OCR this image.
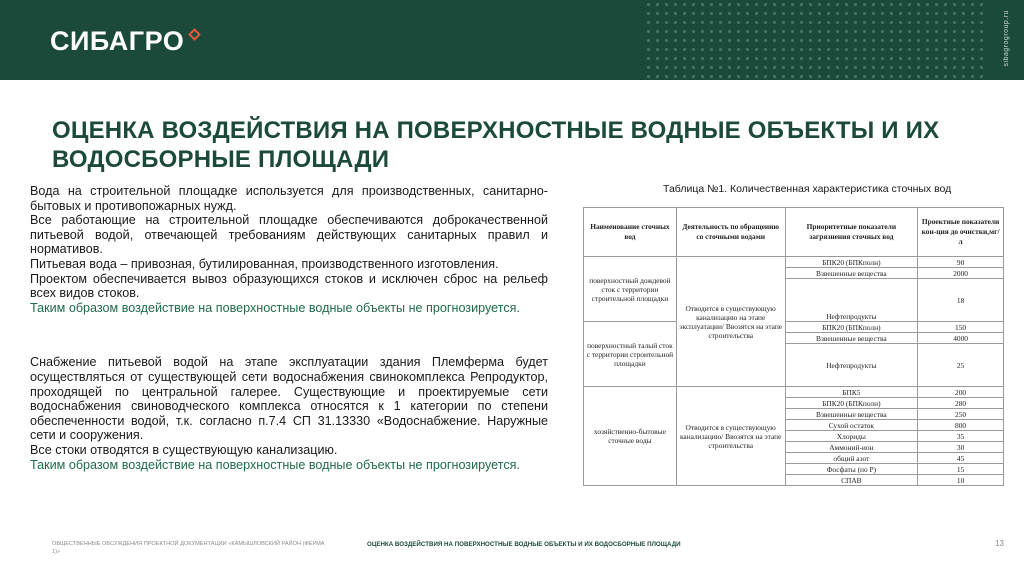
СИБАГРО	sibagrogroup.ru
ОЦЕНКА ВОЗДЕЙСТВИЯ НА ПОВЕРХНОСТНЫЕ ВОДНЫЕ ОБЪЕКТЫ И ИХ ВОДОСБОРНЫЕ ПЛОЩАДИ

Вода на строительной площадке используется для производственных, санитарно-бытовых и противопожарных нужд.

Все работающие на строительной площадке обеспечиваются доброкачественной питьевой водой, отвечающей требованиям действующих санитарных правил и нормативов.

Питьевая вода – привозная, бутилированная, производственного изготовления.

Проектом обеспечивается вывоз образующихся стоков и исключен сброс на рельеф всех видов стоков.

Таким образом воздействие на поверхностные водные объекты не прогнозируется.

Снабжение питьевой водой на этапе эксплуатации здания Племферма будет осуществляться от существующей сети водоснабжения свинокомплекса Репродуктор, проходящей по центральной галерее. Существующие и проектируемые сети водоснабжения свиноводческого комплекса относятся к 1 категории по степени обеспеченности водой, т.к. согласно п.7.4 СП 31.13330 «Водоснабжение. Наружные сети и сооружения.

Все стоки отводятся в существующую канализацию.

Таким образом воздействие на поверхностные водные объекты не прогнозируется.

Таблица №1. Количественная характеристика сточных вод
Наименование сточных вод	Деятельность по обращению со сточными водами	Приоритетные показатели загрязнения сточных вод	Проектные показатели кон-ция до очистки,мг/л
поверхностный дождевой сток с территории строительной площадки	Отводится в существующую канализацию на этапе эксплуатации/ Ввозятся на этапе строительства	БПК20 (БПКполн)	90
		Взвешенные вещества	2000
		Нефтепродукты	18
поверхностный талый сток с территории строительной площадки		БПК20 (БПКполн)	150
		Взвешенные вещества	4000
		Нефтепродукты	25
хозяйственно-бытовые сточные воды	Отводится в существующую канализацию/ Ввозятся на этапе строительства	БПК5	200
		БПК20 (БПКполн)	280
		Взвешенные вещества	250
		Сухой остаток	800
		Хлориды	35
		Аммоний-ион	30
		общий азот	45
		Фосфаты (по Р)	15
		СПАВ	10
ОБЩЕСТВЕННЫЕ ОБСУЖДЕНИЯ ПРОЕКТНОЙ ДОКУМЕНТАЦИИ «КАМЫШЛОВСКИЙ РАЙОН (ФЕРМА 1)»
ОЦЕНКА ВОЗДЕЙСТВИЯ НА ПОВЕРХНОСТНЫЕ ВОДНЫЕ ОБЪЕКТЫ И ИХ ВОДОСБОРНЫЕ ПЛОЩАДИ	13
